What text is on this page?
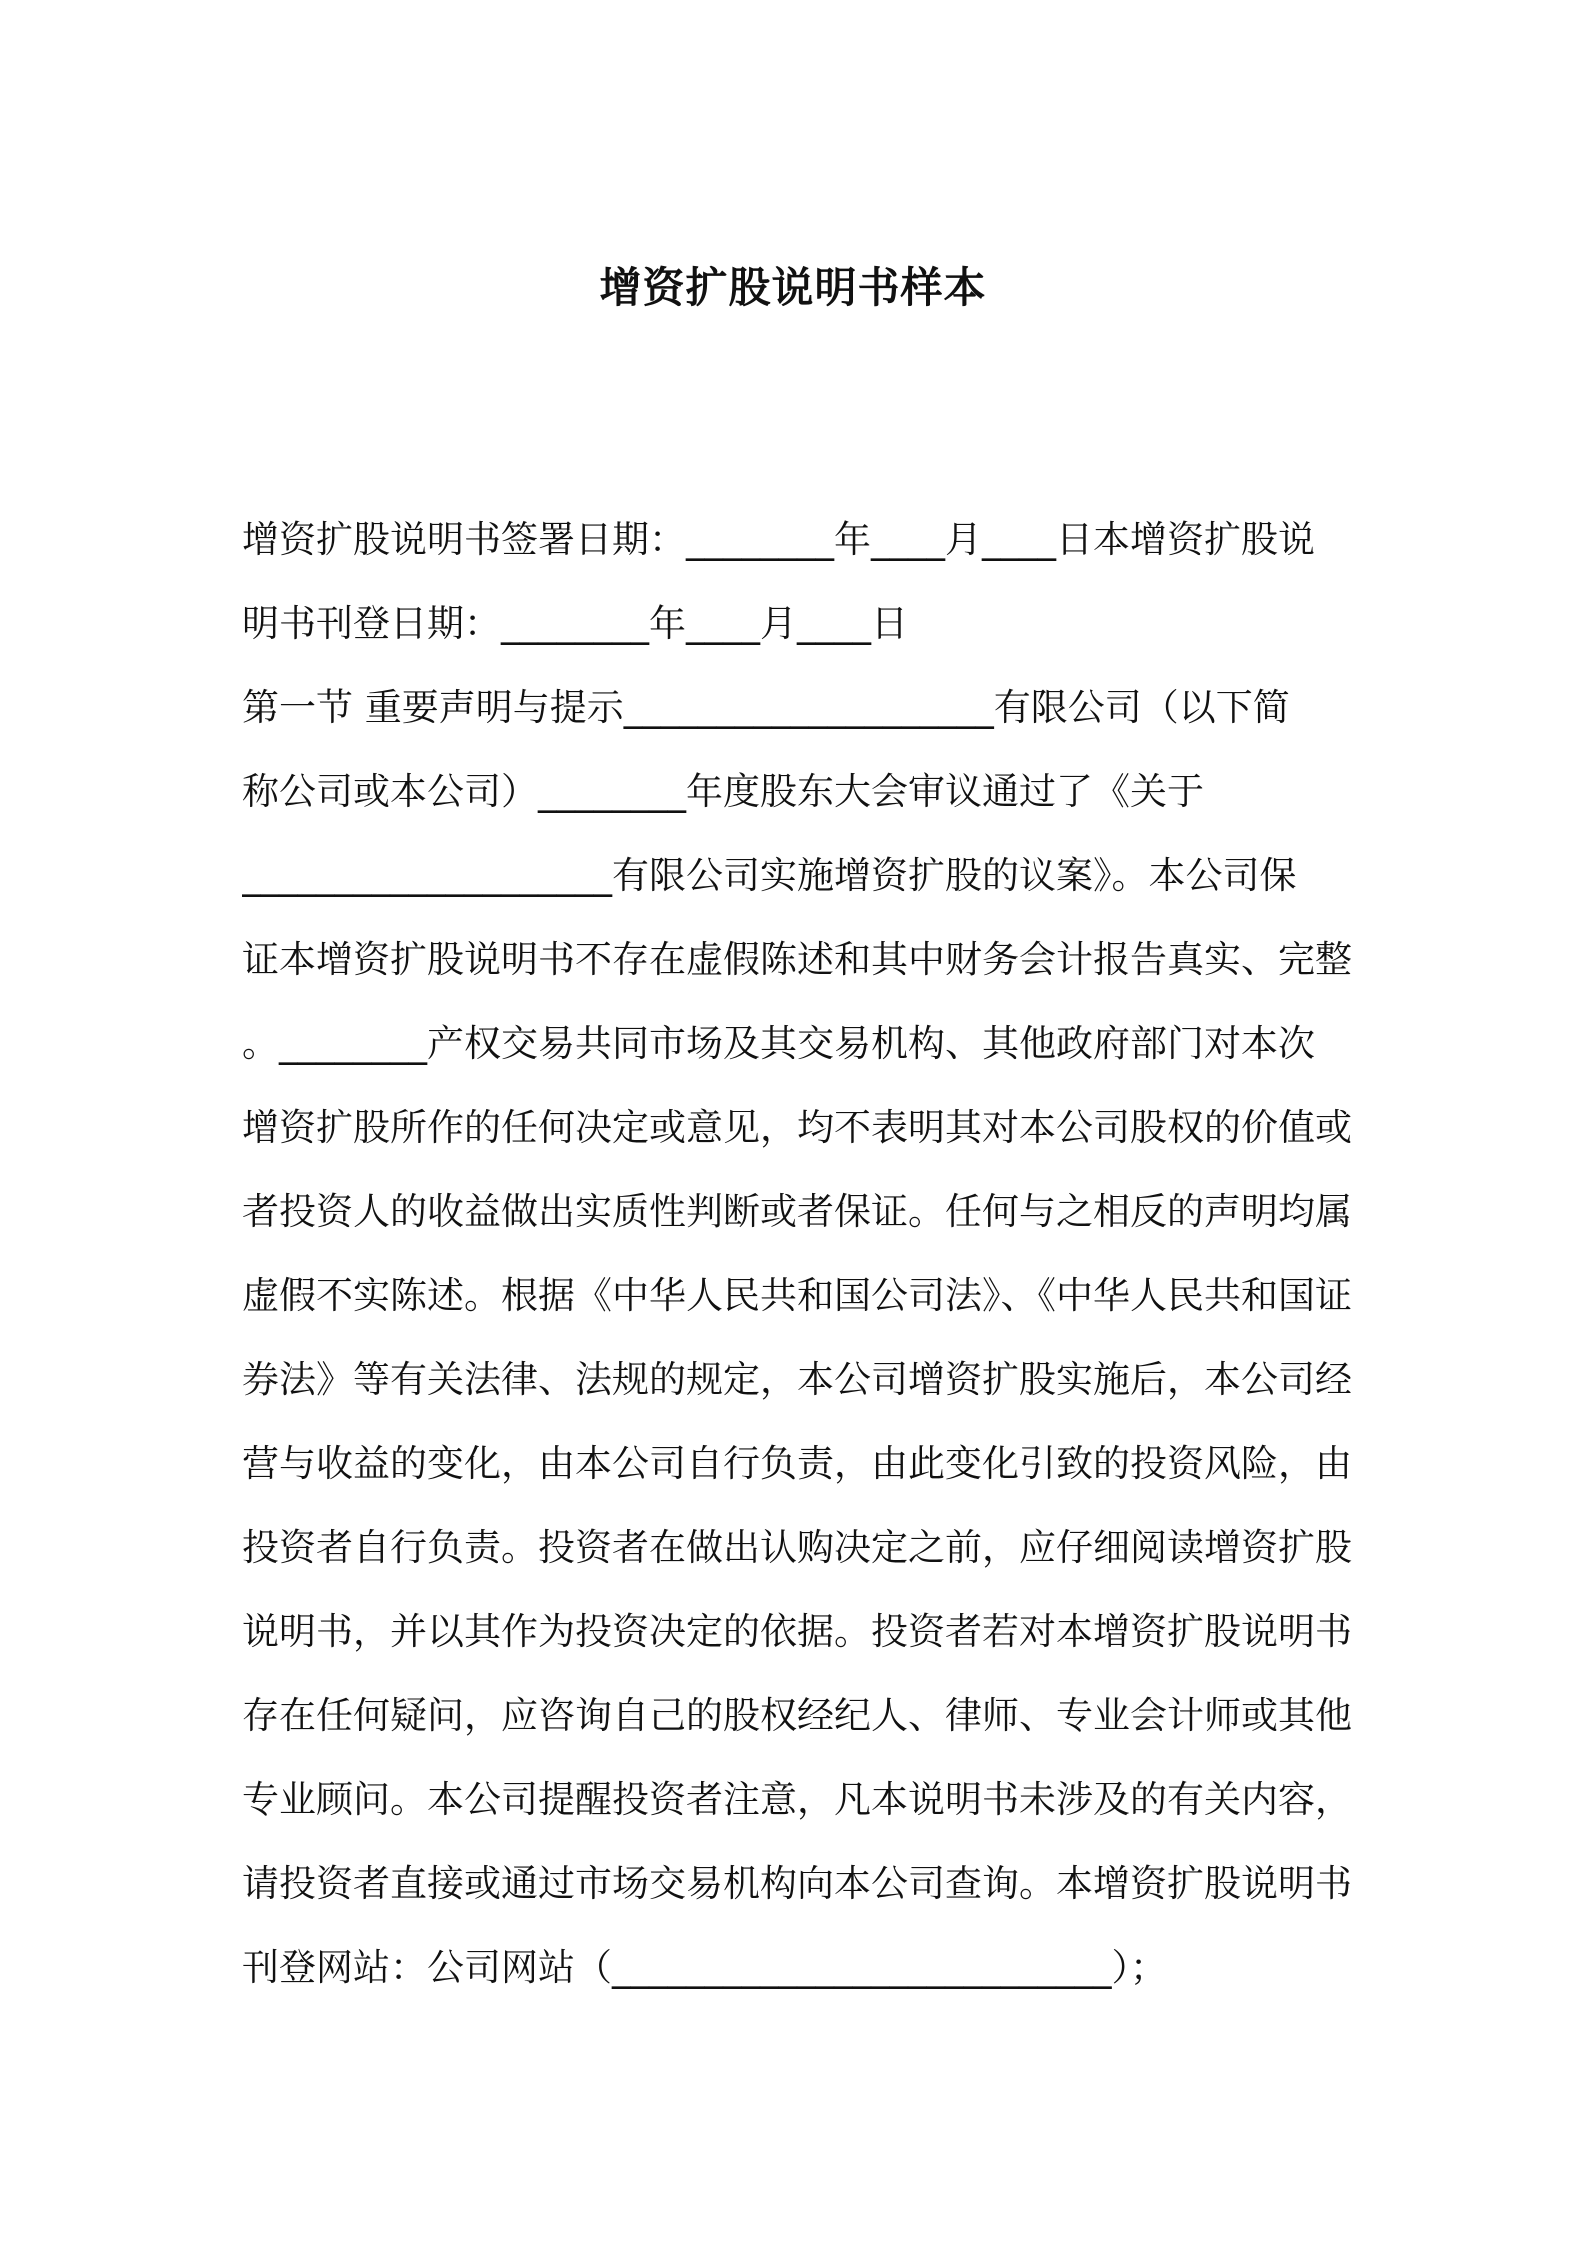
增资扩股说明书样本

增资扩股说明书签署日期：________年____月____日本增资扩股说

明书刊登日期：________年____月____日

第一节 重要声明与提示____________________有限公司（以下简

称公司或本公司）________年度股东大会审议通过了《关于

____________________有限公司实施增资扩股的议案》。本公司保

证本增资扩股说明书不存在虚假陈述和其中财务会计报告真实、完整

。________产权交易共同市场及其交易机构、其他政府部门对本次

增资扩股所作的任何决定或意见，均不表明其对本公司股权的价值或

者投资人的收益做出实质性判断或者保证。任何与之相反的声明均属

虚假不实陈述。根据《中华人民共和国公司法》、《中华人民共和国证

券法》等有关法律、法规的规定，本公司增资扩股实施后，本公司经

营与收益的变化，由本公司自行负责，由此变化引致的投资风险，由

投资者自行负责。投资者在做出认购决定之前，应仔细阅读增资扩股

说明书，并以其作为投资决定的依据。投资者若对本增资扩股说明书

存在任何疑问，应咨询自己的股权经纪人、律师、专业会计师或其他

专业顾问。本公司提醒投资者注意，凡本说明书未涉及的有关内容，

请投资者直接或通过市场交易机构向本公司查询。本增资扩股说明书

刊登网站：公司网站（___________________________）；
